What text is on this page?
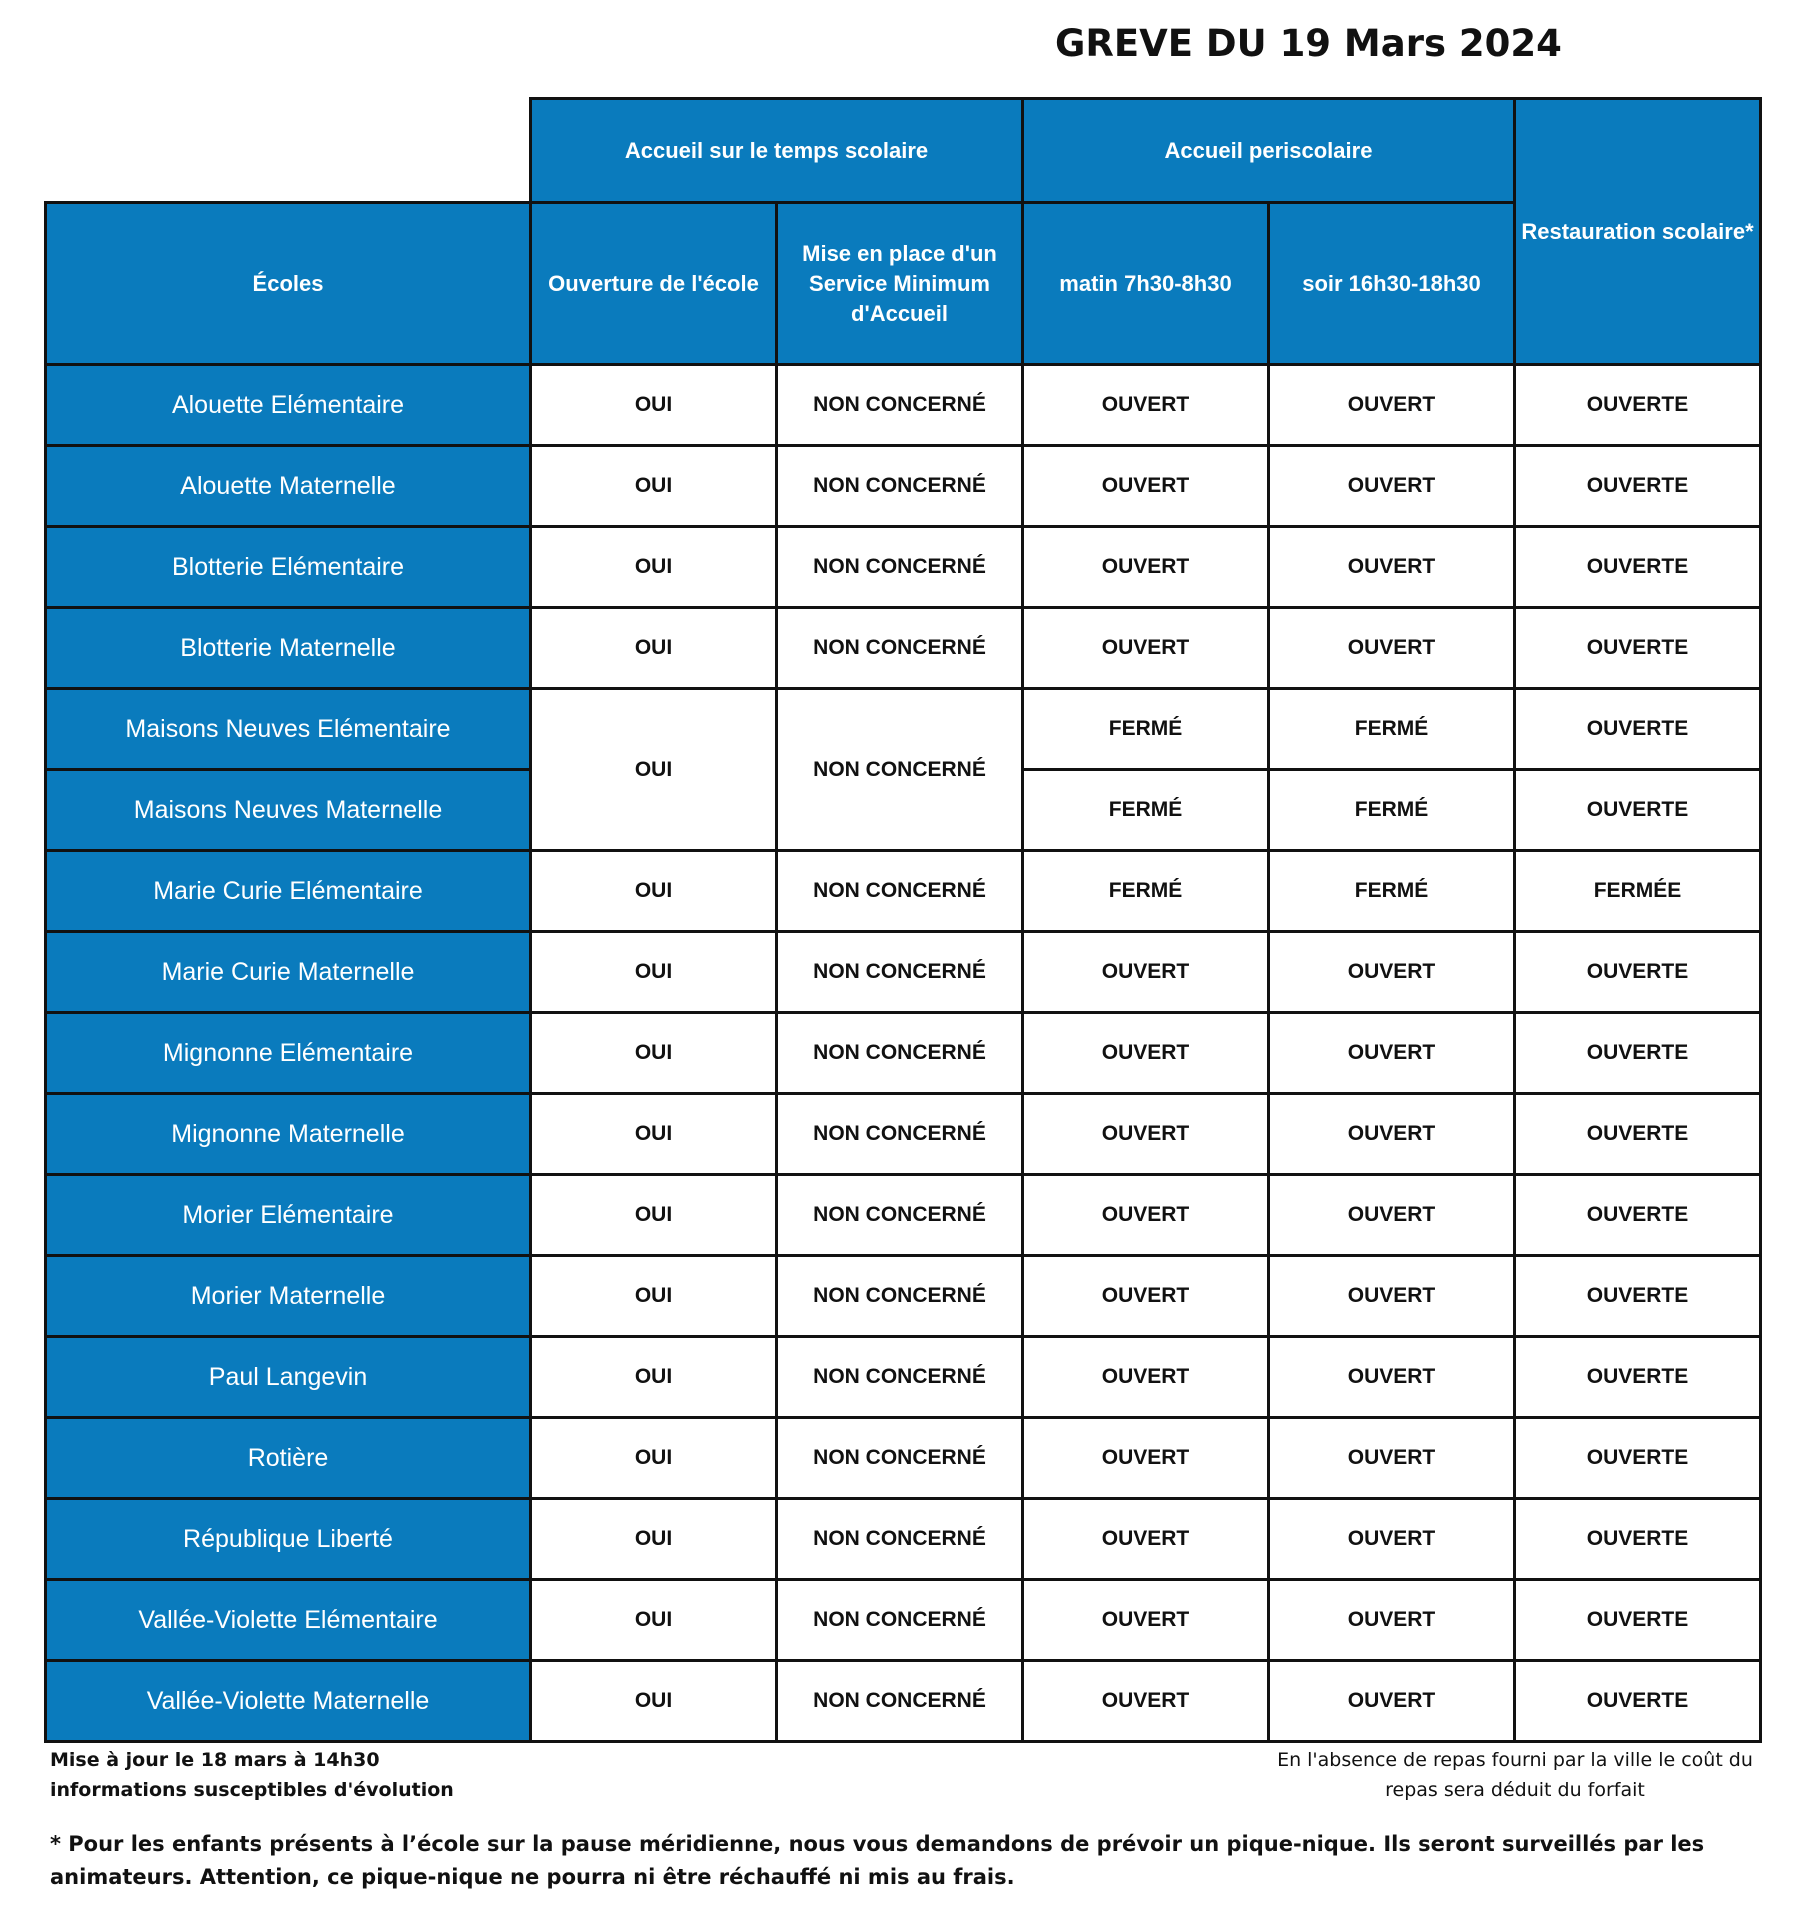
GREVE DU 19 Mars 2024
	Accueil sur le temps scolaire		Accueil periscolaire		Restauration scolaire*
Écoles	Ouverture de l'école	Mise en place d'un Service Minimum d'Accueil	matin 7h30-8h30	soir 16h30-18h30	
Alouette Elémentaire	OUI	NON CONCERNÉ	OUVERT	OUVERT	OUVERTE
Alouette Maternelle	OUI	NON CONCERNÉ	OUVERT	OUVERT	OUVERTE
Blotterie Elémentaire	OUI	NON CONCERNÉ	OUVERT	OUVERT	OUVERTE
Blotterie Maternelle	OUI	NON CONCERNÉ	OUVERT	OUVERT	OUVERTE
Maisons Neuves Elémentaire	OUI	NON CONCERNÉ	FERMÉ	FERMÉ	OUVERTE
Maisons Neuves Maternelle			FERMÉ	FERMÉ	OUVERTE
Marie Curie Elémentaire	OUI	NON CONCERNÉ	FERMÉ	FERMÉ	FERMÉE
Marie Curie Maternelle	OUI	NON CONCERNÉ	OUVERT	OUVERT	OUVERTE
Mignonne Elémentaire	OUI	NON CONCERNÉ	OUVERT	OUVERT	OUVERTE
Mignonne Maternelle	OUI	NON CONCERNÉ	OUVERT	OUVERT	OUVERTE
Morier Elémentaire	OUI	NON CONCERNÉ	OUVERT	OUVERT	OUVERTE
Morier Maternelle	OUI	NON CONCERNÉ	OUVERT	OUVERT	OUVERTE
Paul Langevin	OUI	NON CONCERNÉ	OUVERT	OUVERT	OUVERTE
Rotière	OUI	NON CONCERNÉ	OUVERT	OUVERT	OUVERTE
République Liberté	OUI	NON CONCERNÉ	OUVERT	OUVERT	OUVERTE
Vallée-Violette Elémentaire	OUI	NON CONCERNÉ	OUVERT	OUVERT	OUVERTE
Vallée-Violette Maternelle	OUI	NON CONCERNÉ	OUVERT	OUVERT	OUVERTE
Mise à jour le 18 mars à 14h30
informations susceptibles d'évolution
En l'absence de repas fourni par la ville le coût du repas sera déduit du forfait
* Pour les enfants présents à l’école sur la pause méridienne, nous vous demandons de prévoir un pique-nique. Ils seront surveillés par les animateurs. Attention, ce pique-nique ne pourra ni être réchauffé ni mis au frais.
